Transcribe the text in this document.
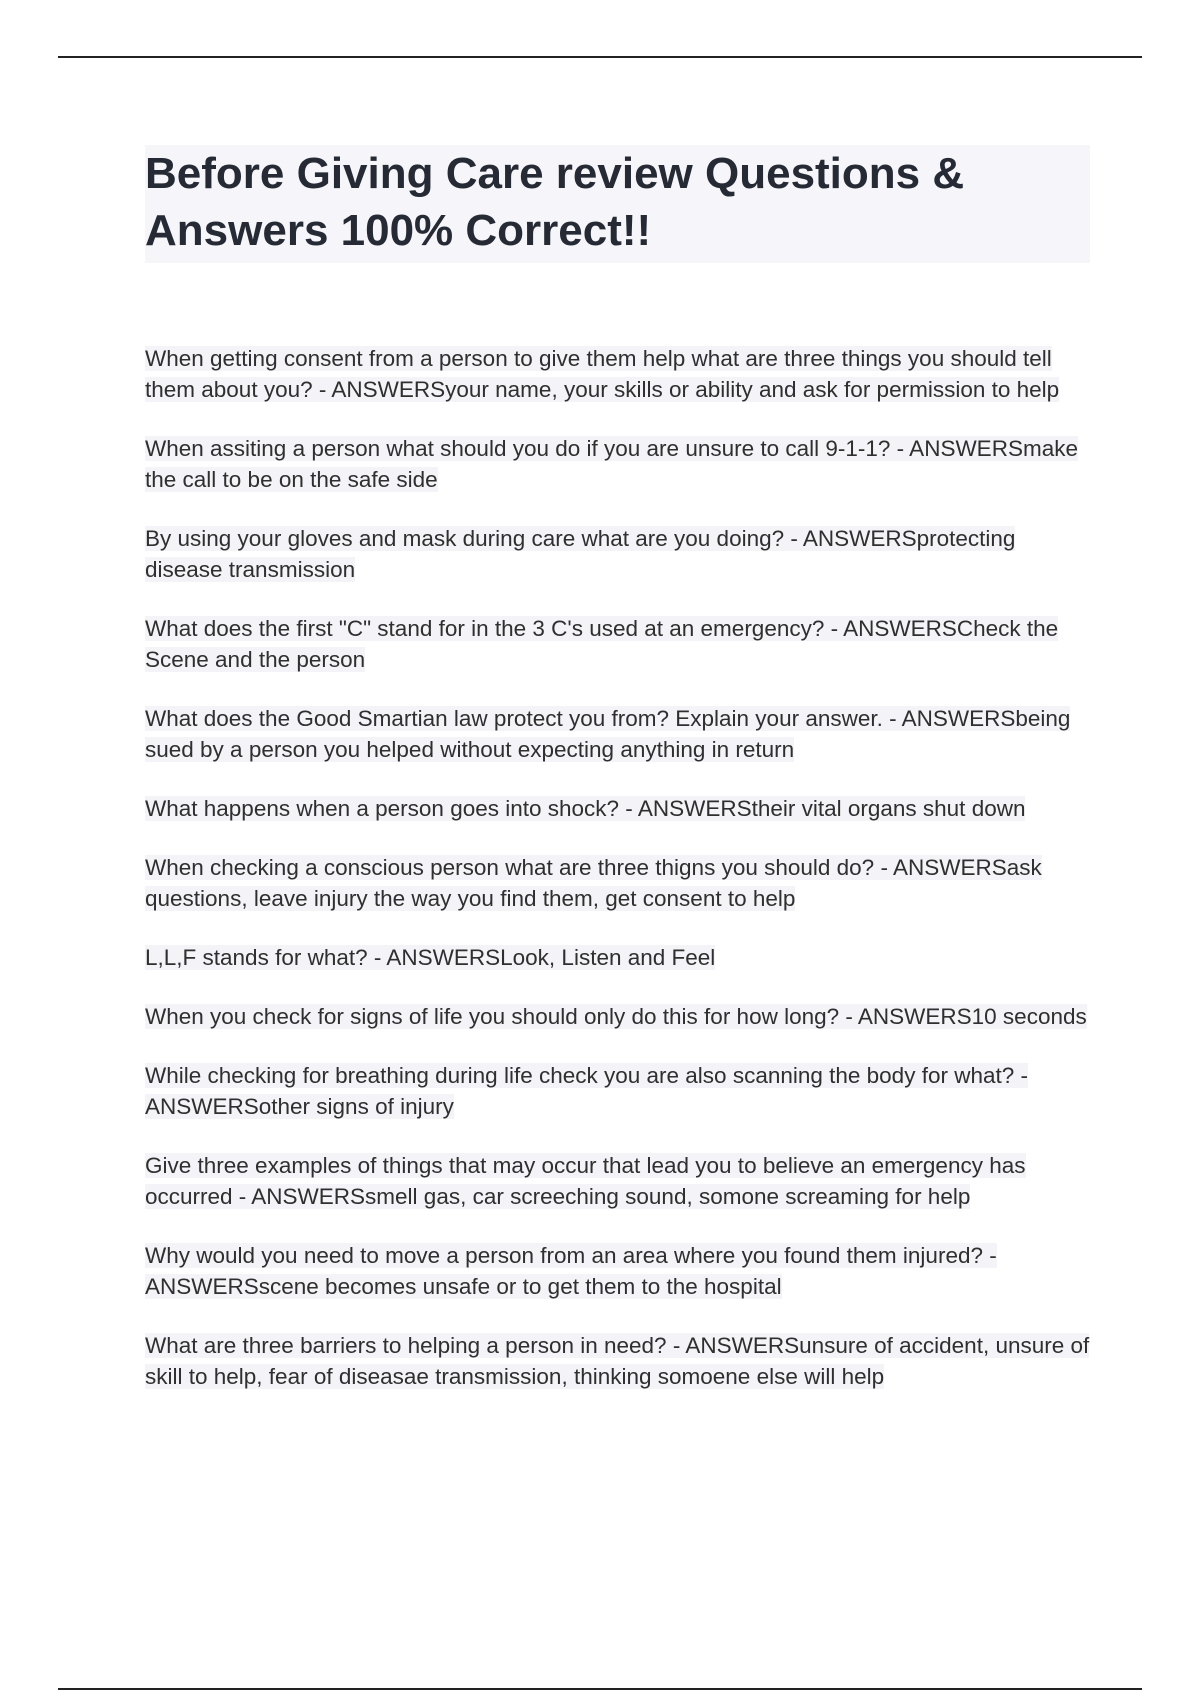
Before Giving Care review Questions & Answers 100% Correct!!
When getting consent from a person to give them help what are three things you should tell them about you? - ANSWERSyour name, your skills or ability and ask for permission to help
When assiting a person what should you do if you are unsure to call 9-1-1? - ANSWERSmake the call to be on the safe side
By using your gloves and mask during care what are you doing? - ANSWERSprotecting disease transmission
What does the first "C" stand for in the 3 C's used at an emergency? - ANSWERSCheck the Scene and the person
What does the Good Smartian law protect you from? Explain your answer. - ANSWERSbeing sued by a person you helped without expecting anything in return
What happens when a person goes into shock? - ANSWERStheir vital organs shut down
When checking a conscious person what are three thigns you should do? - ANSWERSask questions, leave injury the way you find them, get consent to help
L,L,F stands for what? - ANSWERSLook, Listen and Feel
When you check for signs of life you should only do this for how long? - ANSWERS10 seconds
While checking for breathing during life check you are also scanning the body for what? - ANSWERSother signs of injury
Give three examples of things that may occur that lead you to believe an emergency has occurred - ANSWERSsmell gas, car screeching sound, somone screaming for help
Why would you need to move a person from an area where you found them injured? - ANSWERSscene becomes unsafe or to get them to the hospital
What are three barriers to helping a person in need? - ANSWERSunsure of accident, unsure of skill to help, fear of diseasae transmission, thinking somoene else will help
